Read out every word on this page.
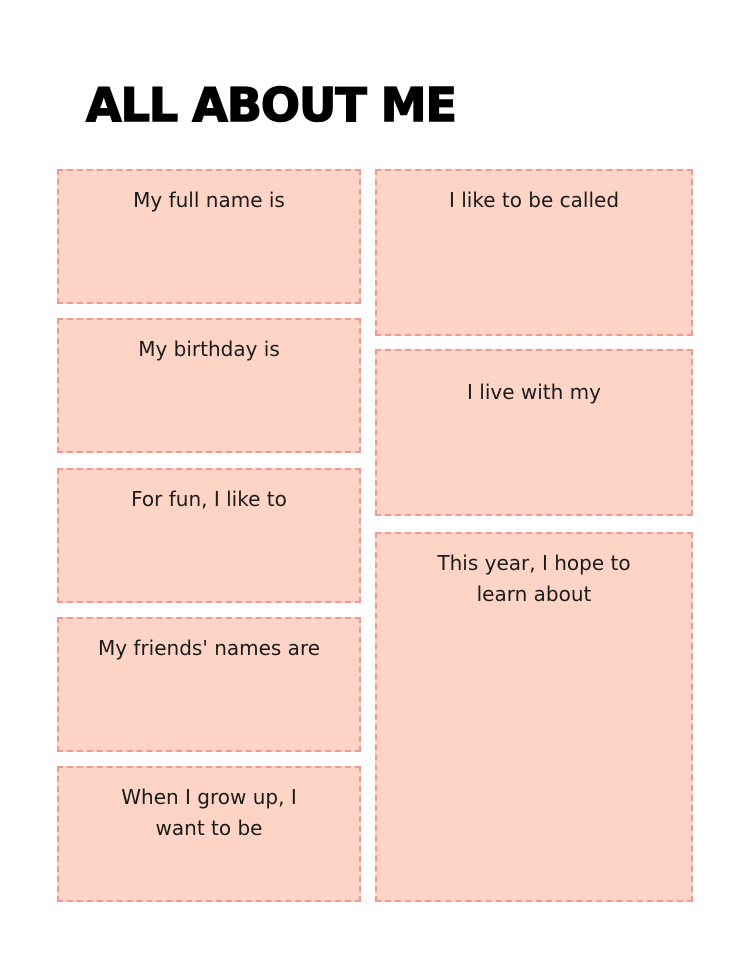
ALL ABOUT ME
My full name is
My birthday is
For fun, I like to
My friends' names are
When I grow up, I want to be
I like to be called
I live with my
This year, I hope to learn about
